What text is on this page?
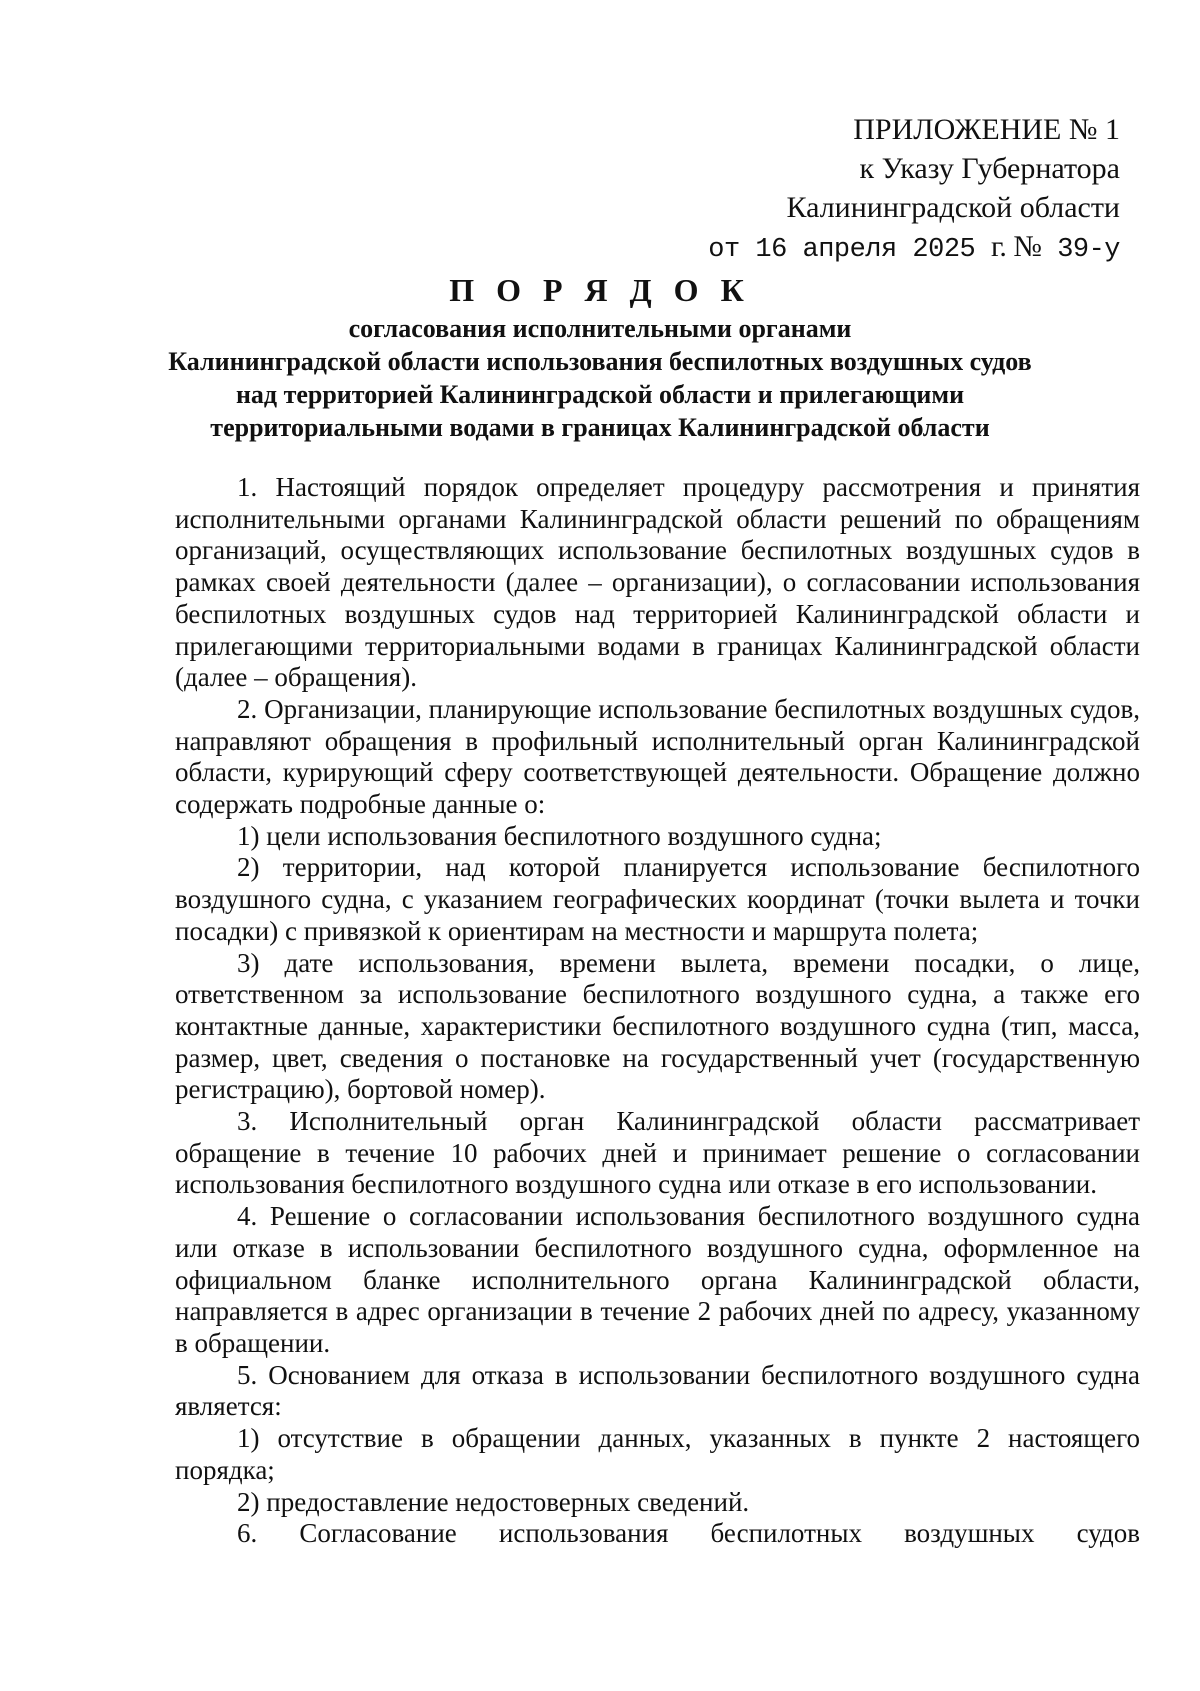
ПРИЛОЖЕНИЕ № 1
к Указу Губернатора
Калининградской области
от 16 апреля 2025 г. № 39-у
П О Р Я Д О К
согласования исполнительными органами
Калининградской области использования беспилотных воздушных судов
над территорией Калининградской области и прилегающими
территориальными водами в границах Калининградской области

1. Настоящий порядок определяет процедуру рассмотрения и принятия исполнительными органами Калининградской области решений по обращениям организаций, осуществляющих использование беспилотных воздушных судов в рамках своей деятельности (далее – организации), о согласовании использования беспилотных воздушных судов над территорией Калининградской области и прилегающими территориальными водами в границах Калининградской области (далее – обращения).

2. Организации, планирующие использование беспилотных воздушных судов, направляют обращения в профильный исполнительный орган Калининградской области, курирующий сферу соответствующей деятельности. Обращение должно содержать подробные данные о:

1) цели использования беспилотного воздушного судна;

2) территории, над которой планируется использование беспилотного воздушного судна, с указанием географических координат (точки вылета и точки посадки) с привязкой к ориентирам на местности и маршрута полета;

3) дате использования, времени вылета, времени посадки, о лице, ответственном за использование беспилотного воздушного судна, а также его контактные данные, характеристики беспилотного воздушного судна (тип, масса, размер, цвет, сведения о постановке на государственный учет (государственную регистрацию), бортовой номер).

3. Исполнительный орган Калининградской области рассматривает обращение в течение 10 рабочих дней и принимает решение о согласовании использования беспилотного воздушного судна или отказе в его использовании.

4. Решение о согласовании использования беспилотного воздушного судна или отказе в использовании беспилотного воздушного судна, оформленное на официальном бланке исполнительного органа Калининградской области, направляется в адрес организации в течение 2 рабочих дней по адресу, указанному в обращении.

5. Основанием для отказа в использовании беспилотного воздушного судна является:

1) отсутствие в обращении данных, указанных в пункте 2 настоящего порядка;

2) предоставление недостоверных сведений.

6. Согласование использования беспилотных воздушных судов
